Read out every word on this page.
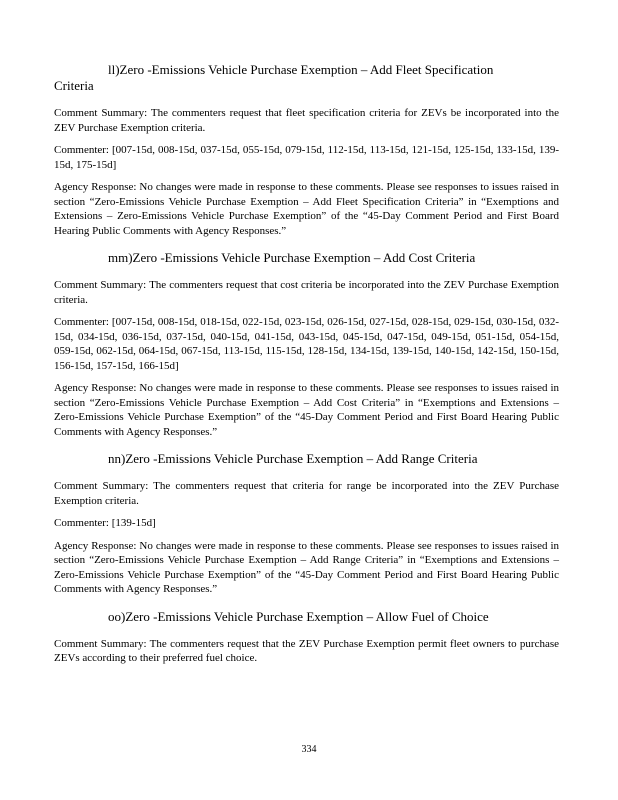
ll)Zero -Emissions Vehicle Purchase Exemption – Add Fleet Specification
Criteria

Comment Summary: The commenters request that fleet specification criteria for ZEVs be incorporated into the ZEV Purchase Exemption criteria.

Commenter: [007-15d, 008-15d, 037-15d, 055-15d, 079-15d, 112-15d, 113-15d, 121-15d, 125-15d, 133-15d, 139-15d, 175-15d]

Agency Response: No changes were made in response to these comments. Please see responses to issues raised in section “Zero-Emissions Vehicle Purchase Exemption – Add Fleet Specification Criteria” in “Exemptions and Extensions – Zero-Emissions Vehicle Purchase Exemption” of the “45-Day Comment Period and First Board Hearing Public Comments with Agency Responses.”

mm)Zero -Emissions Vehicle Purchase Exemption – Add Cost Criteria

Comment Summary: The commenters request that cost criteria be incorporated into the ZEV Purchase Exemption criteria.

Commenter: [007-15d, 008-15d, 018-15d, 022-15d, 023-15d, 026-15d, 027-15d, 028-15d, 029-15d, 030-15d, 032-15d, 034-15d, 036-15d, 037-15d, 040-15d, 041-15d, 043-15d, 045-15d, 047-15d, 049-15d, 051-15d, 054-15d, 059-15d, 062-15d, 064-15d, 067-15d, 113-15d, 115-15d, 128-15d, 134-15d, 139-15d, 140-15d, 142-15d, 150-15d, 156-15d, 157-15d, 166-15d]

Agency Response: No changes were made in response to these comments. Please see responses to issues raised in section “Zero-Emissions Vehicle Purchase Exemption – Add Cost Criteria” in “Exemptions and Extensions – Zero-Emissions Vehicle Purchase Exemption” of the “45-Day Comment Period and First Board Hearing Public Comments with Agency Responses.”

nn)Zero -Emissions Vehicle Purchase Exemption – Add Range Criteria

Comment Summary: The commenters request that criteria for range be incorporated into the ZEV Purchase Exemption criteria.

Commenter: [139-15d]

Agency Response: No changes were made in response to these comments. Please see responses to issues raised in section “Zero-Emissions Vehicle Purchase Exemption – Add Range Criteria” in “Exemptions and Extensions – Zero-Emissions Vehicle Purchase Exemption” of the “45-Day Comment Period and First Board Hearing Public Comments with Agency Responses.”

oo)Zero -Emissions Vehicle Purchase Exemption – Allow Fuel of Choice

Comment Summary: The commenters request that the ZEV Purchase Exemption permit fleet owners to purchase ZEVs according to their preferred fuel choice.

334
